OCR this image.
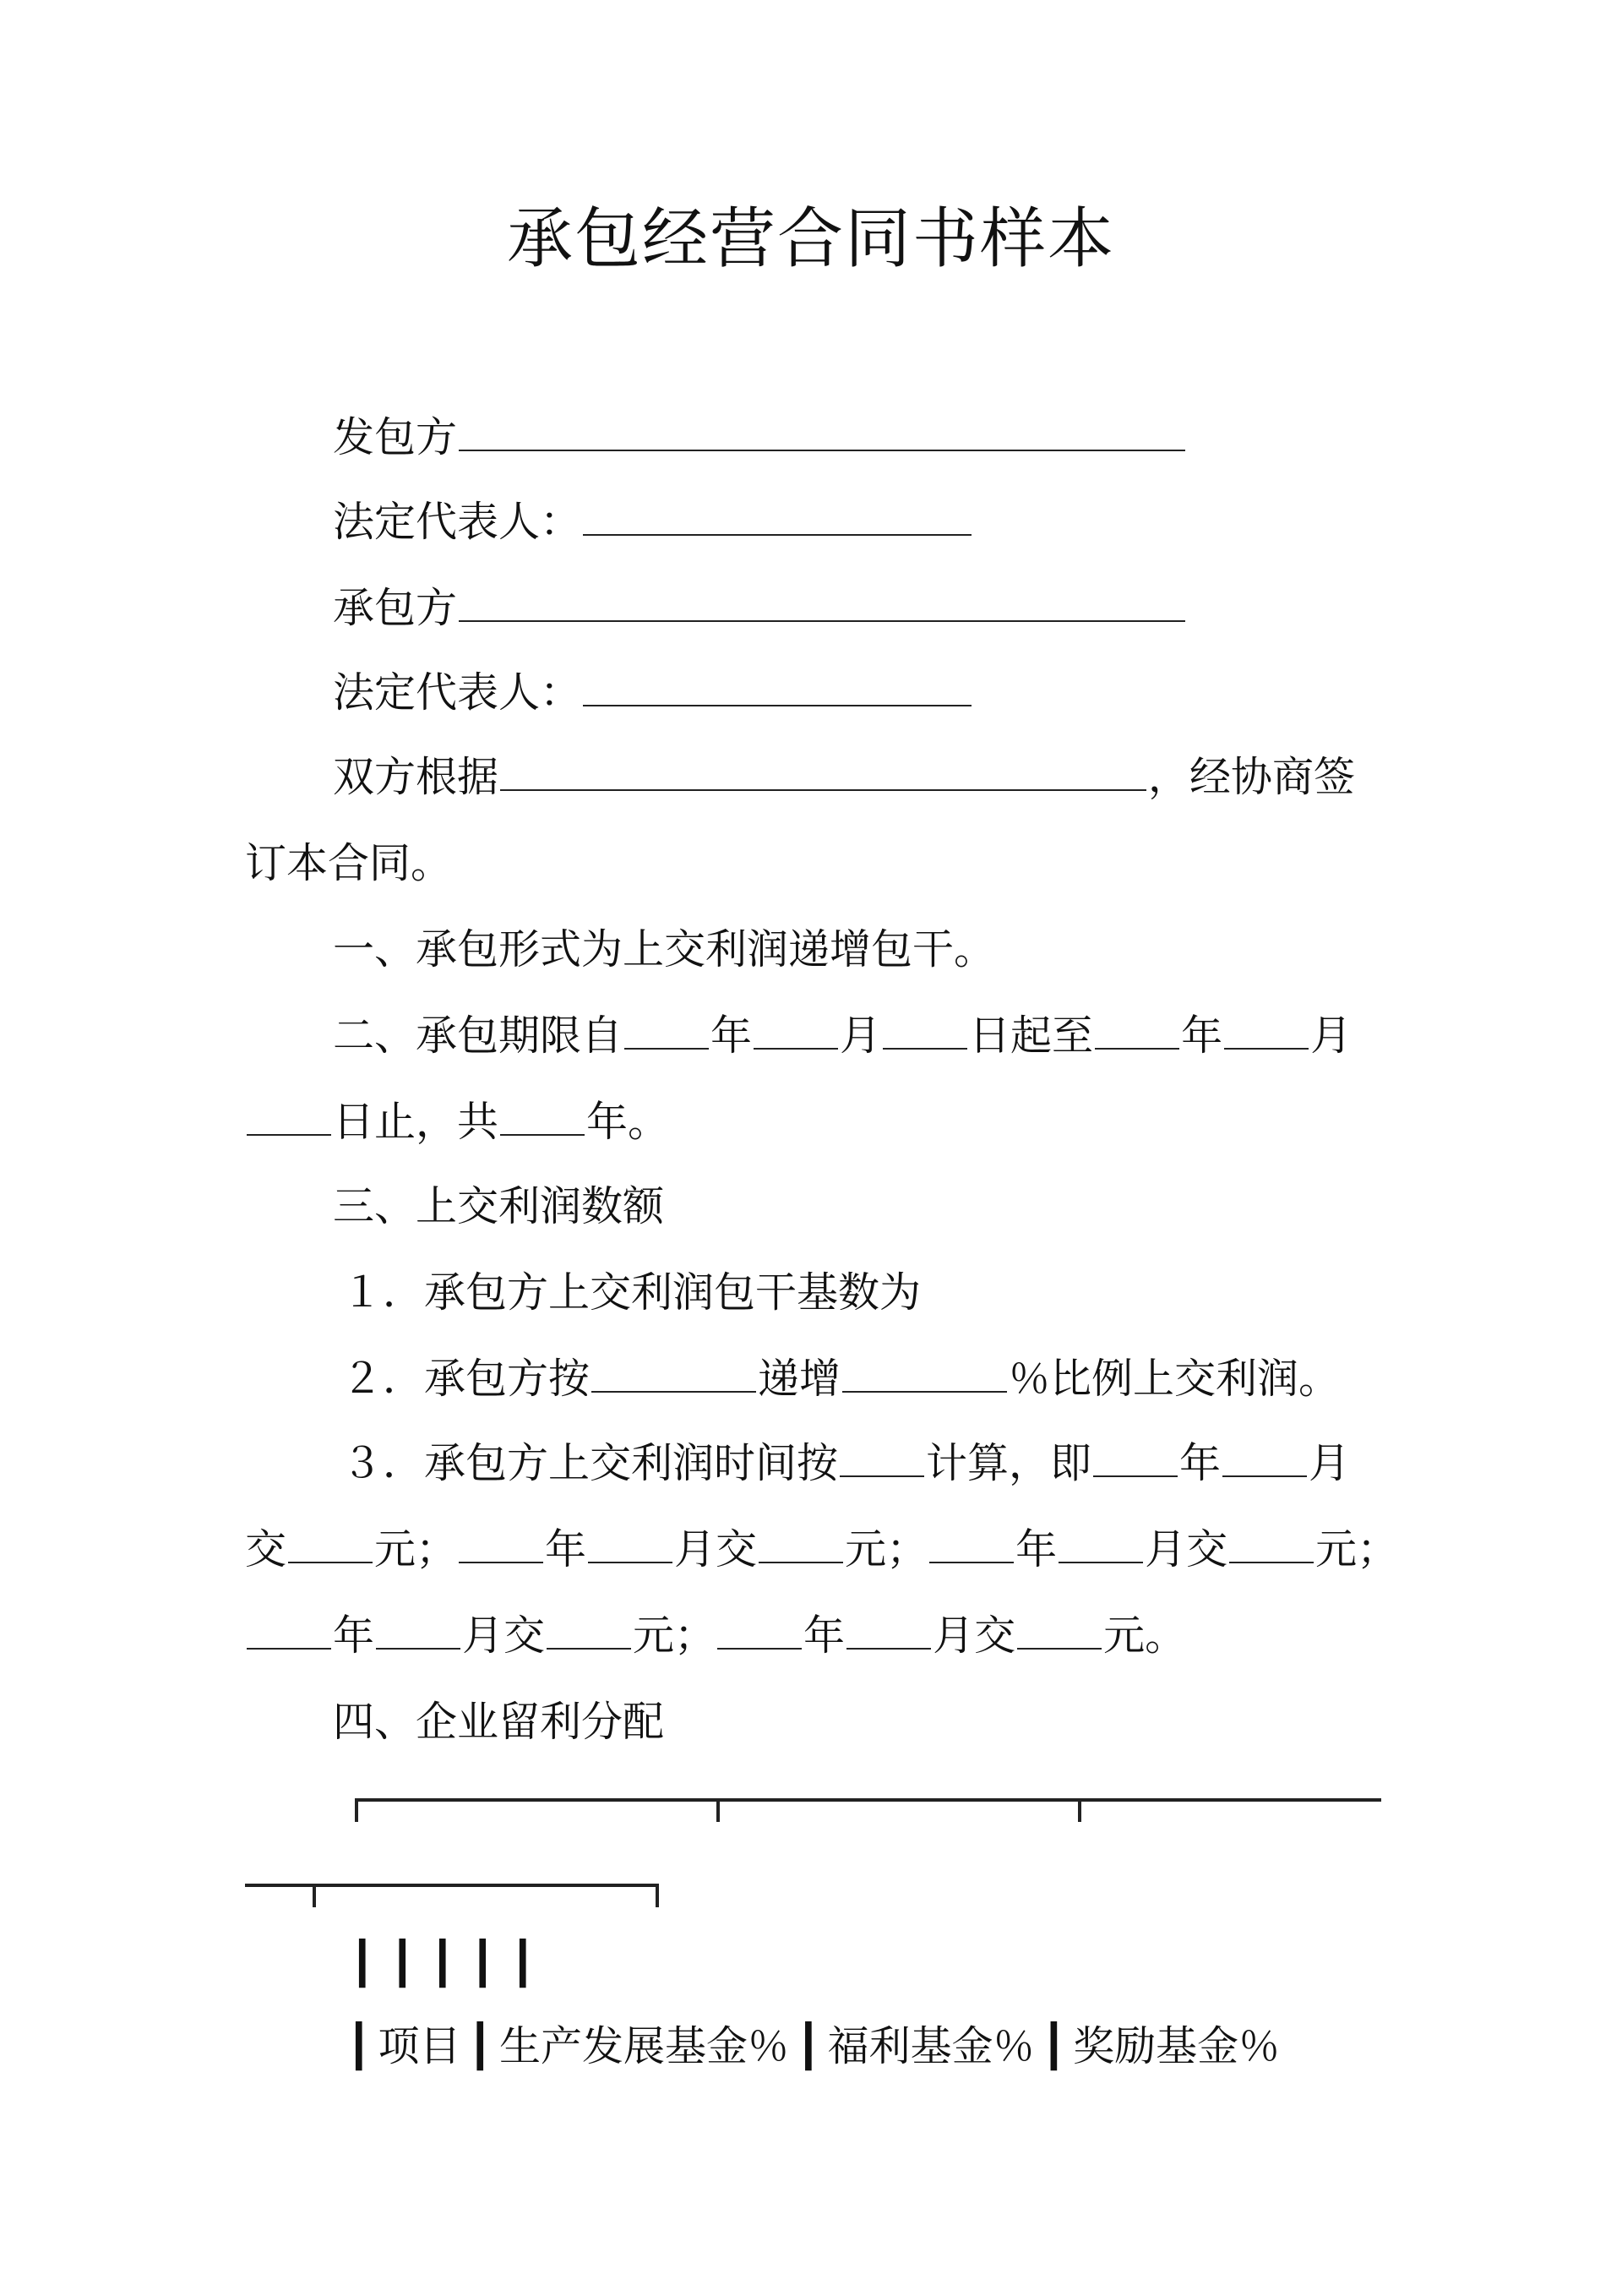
承包经营合同书样本
发包方
法定代表人：
承包方
法定代表人：
双方根据	，经协商签
订本合同。
一、承包形式为上交利润递增包干。
二、承包期限自 年 月 日起至 年 月
日止，共 年。
三、上交利润数额
１．承包方上交利润包干基数为
２．承包方按	递增	％比例上交利润。
３．承包方上交利润时间按 计算，即 年 月
交 元； 年 月交 元； 年 月交 元；
年 月交 元； 年 月交 元。
四、企业留利分配
┃┃┃┃┃
┃ 项目 ┃ 生产发展基金％ ┃ 福利基金％ ┃ 奖励基金％
